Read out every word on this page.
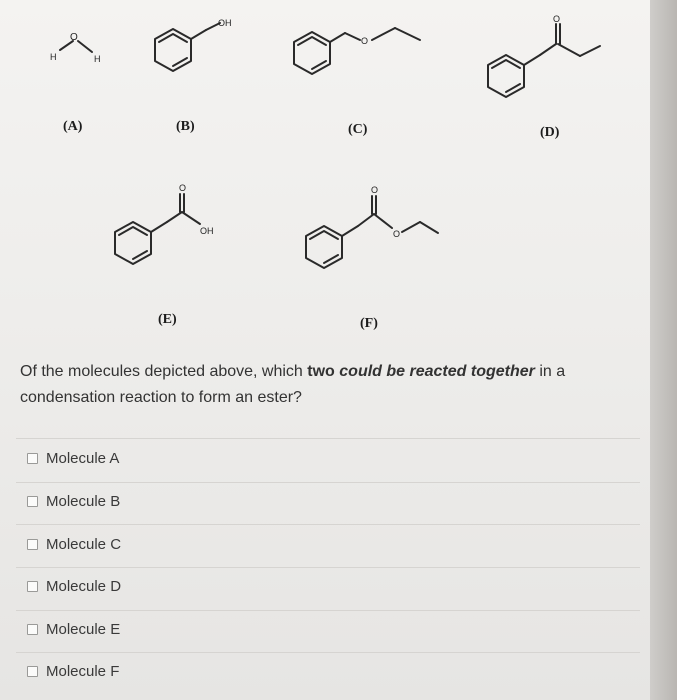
H
O
H
OH
O
O
O
OH
O
O
(A)	(B)	(C)	(D)
(E)	(F)
Of the molecules depicted above, which two could be reacted together in a condensation reaction to form an ester?
Molecule A
Molecule B
Molecule C
Molecule D
Molecule E
Molecule F
